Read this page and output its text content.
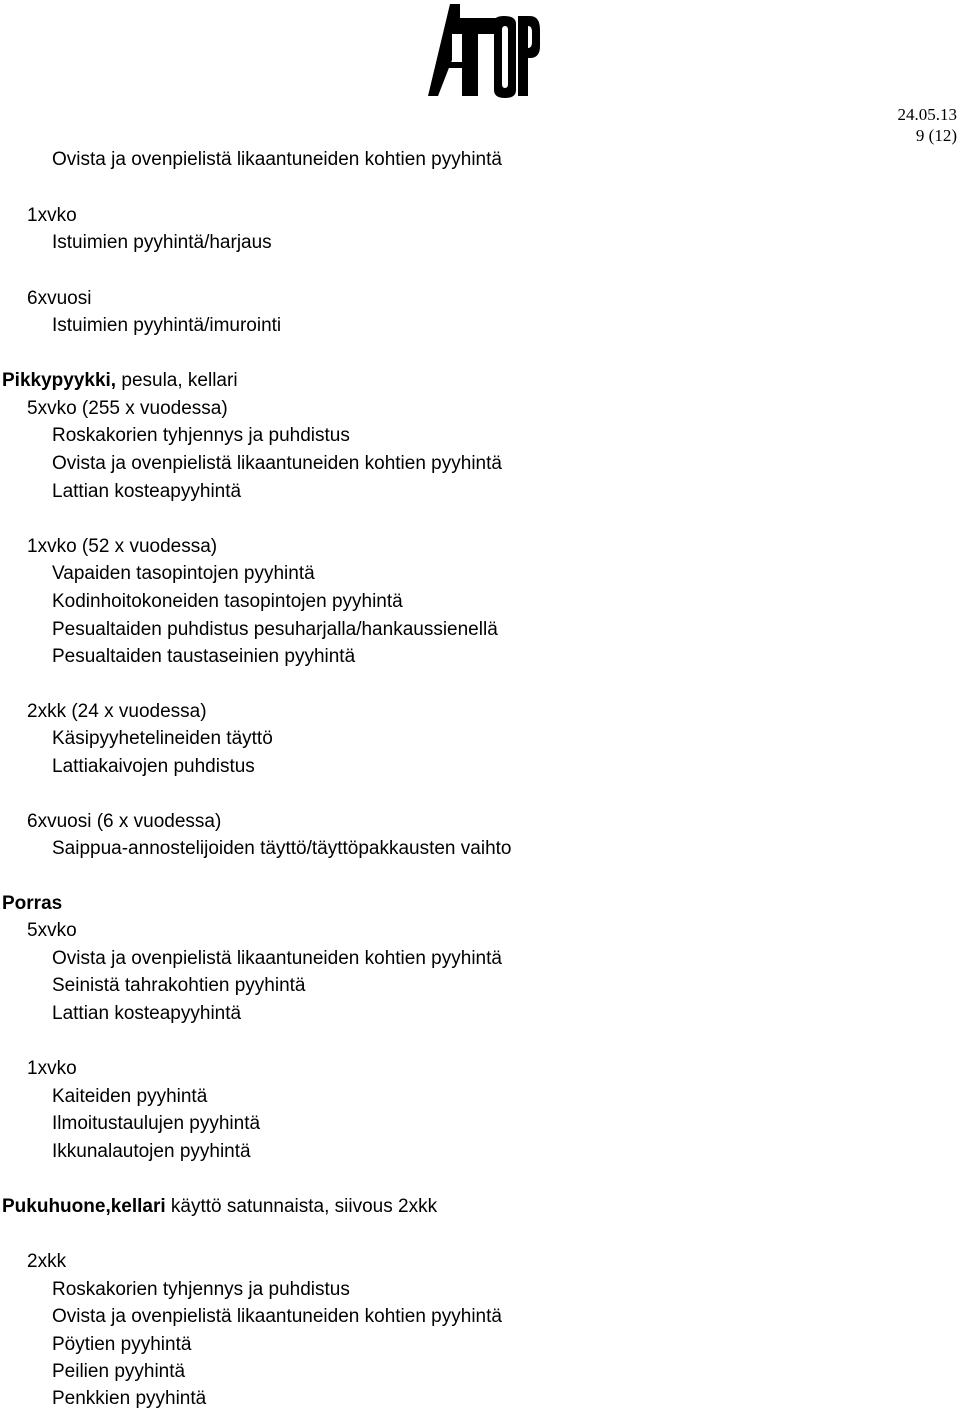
24.05.13
9 (12)
Ovista ja ovenpielistä likaantuneiden kohtien pyyhintä
1xvko
Istuimien pyyhintä/harjaus
6xvuosi
Istuimien pyyhintä/imurointi
Pikkypyykki, pesula, kellari
5xvko (255 x vuodessa)
Roskakorien tyhjennys ja puhdistus
Ovista ja ovenpielistä likaantuneiden kohtien pyyhintä
Lattian kosteapyyhintä
1xvko (52 x vuodessa)
Vapaiden tasopintojen pyyhintä
Kodinhoitokoneiden tasopintojen pyyhintä
Pesualtaiden puhdistus pesuharjalla/hankaussienellä
Pesualtaiden taustaseinien pyyhintä
2xkk (24 x vuodessa)
Käsipyyhetelineiden täyttö
Lattiakaivojen puhdistus
6xvuosi (6 x vuodessa)
Saippua-annostelijoiden täyttö/täyttöpakkausten vaihto
Porras
5xvko
Ovista ja ovenpielistä likaantuneiden kohtien pyyhintä
Seinistä tahrakohtien pyyhintä
Lattian kosteapyyhintä
1xvko
Kaiteiden pyyhintä
Ilmoitustaulujen pyyhintä
Ikkunalautojen pyyhintä
Pukuhuone,kellari käyttö satunnaista, siivous 2xkk
2xkk
Roskakorien tyhjennys ja puhdistus
Ovista ja ovenpielistä likaantuneiden kohtien pyyhintä
Pöytien pyyhintä
Peilien pyyhintä
Penkkien pyyhintä
